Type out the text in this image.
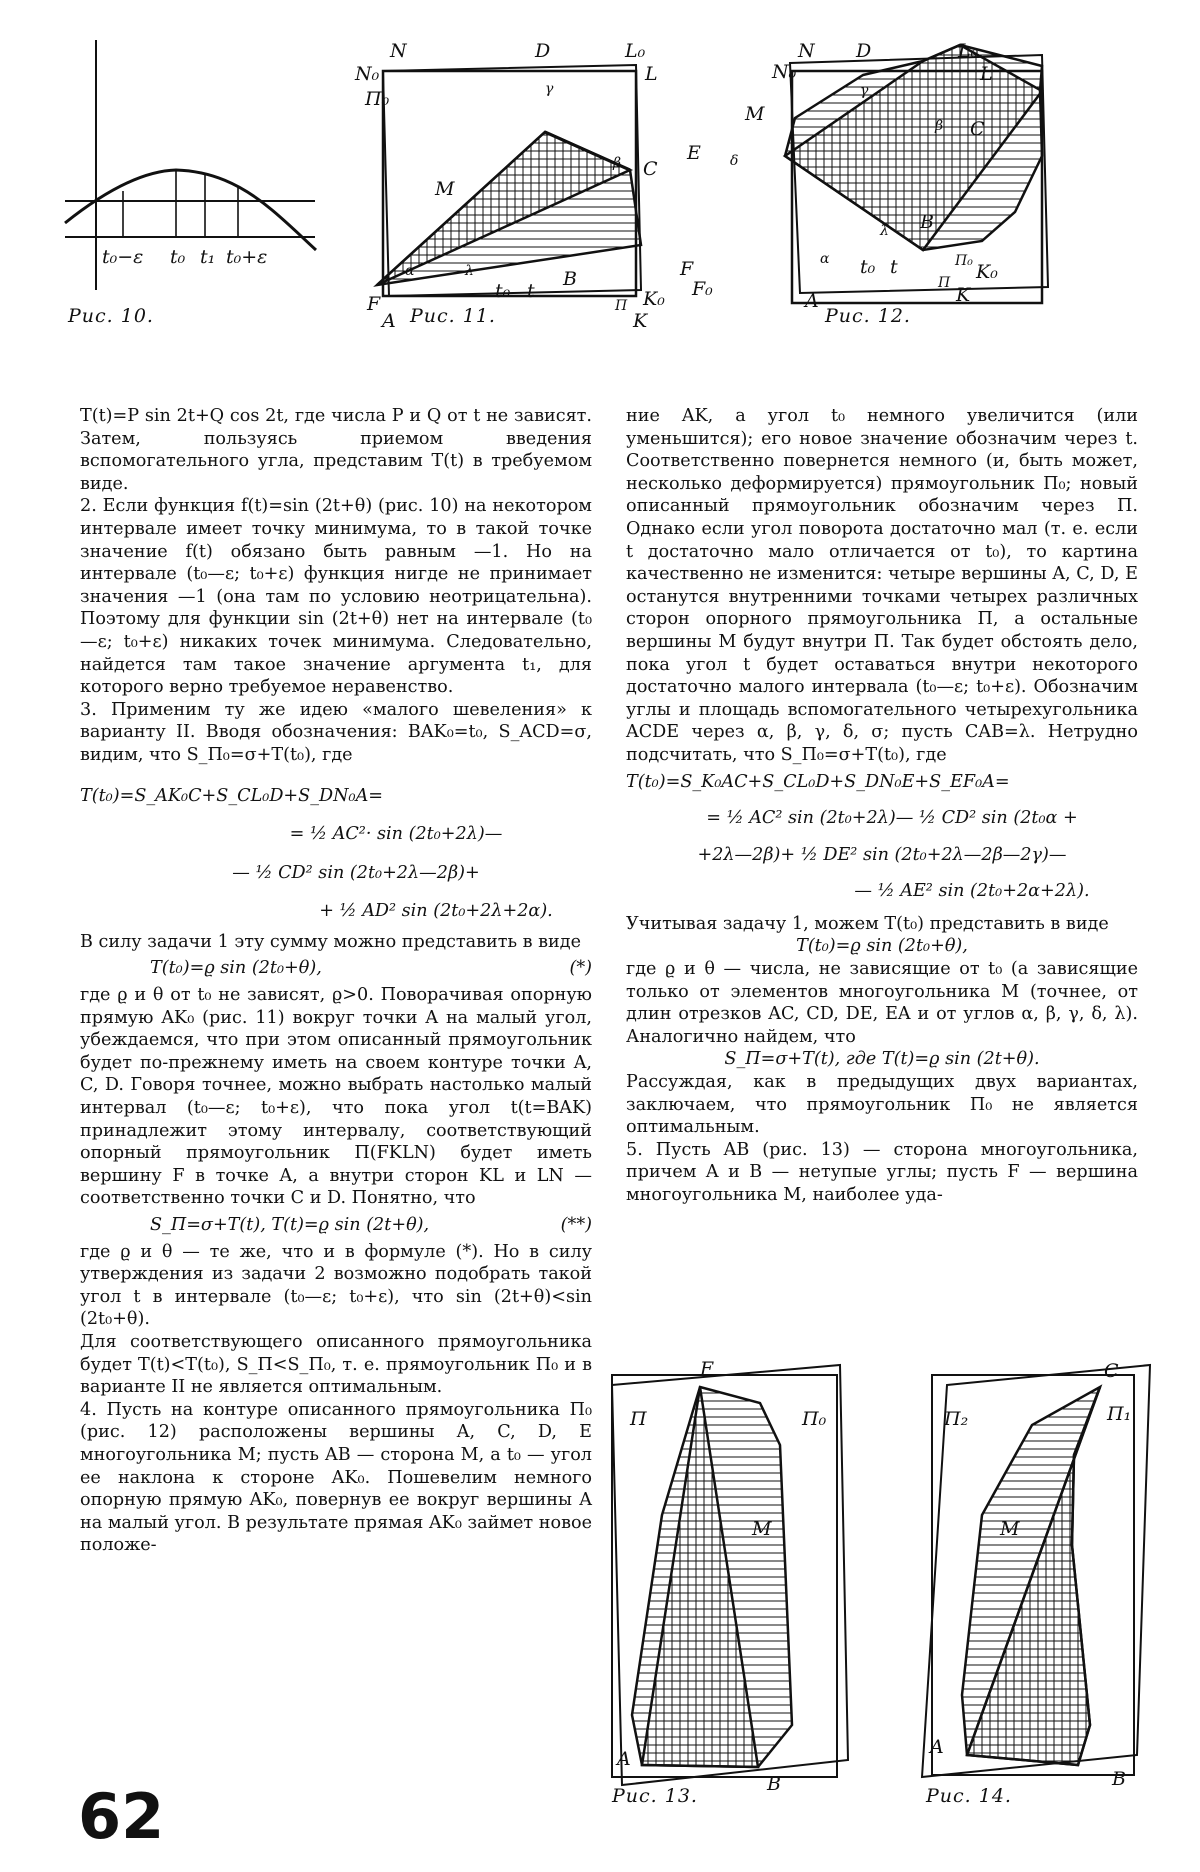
t₀−ε t₀ t₁ t₀+ε
Рис. 10.
N
N₀
Π₀
D	L₀
L
C
M
β
γ
α	λ	B
F
A
t₀ t
Π K₀
K
Рис. 11.
N
N₀
D	L₀
L
M
γ
β C
E δ
B
λ
α
F
F₀
A
t₀ t	Π₀ K₀
Π
K
Рис. 12.

T(t)=P sin 2t+Q cos 2t, где числа P и Q от t не зависят. Затем, пользуясь приемом введения вспомогательного угла, представим T(t) в требуемом виде.

2. Если функция f(t)=sin (2t+θ) (рис. 10) на некотором интервале имеет точку минимума, то в такой точке значение f(t) обязано быть равным —1. Но на интервале (t₀—ε; t₀+ε) функция нигде не принимает значения —1 (она там по условию неотрицательна). Поэтому для функции sin (2t+θ) нет на интервале (t₀—ε; t₀+ε) никаких точек минимума. Следовательно, найдется там такое значение аргумента t₁, для которого верно требуемое неравенство.

3. Применим ту же идею «малого шевеления» к варианту II. Вводя обозначения: BAK₀=t₀, S_ACD=σ, видим, что S_Π₀=σ+T(t₀), где

T(t₀)=S_AK₀C+S_CL₀D+S_DN₀A=

= ½ AC²· sin (2t₀+2λ)—

— ½ CD² sin (2t₀+2λ—2β)+

+ ½ AD² sin (2t₀+2λ+2α).

В силу задачи 1 эту сумму можно представить в виде

T(t₀)=ϱ sin (2t₀+θ),	(*)

где ϱ и θ от t₀ не зависят, ϱ>0. Поворачивая опорную прямую AK₀ (рис. 11) вокруг точки A на малый угол, убеждаемся, что при этом описанный прямоугольник будет по-прежнему иметь на своем контуре точки A, C, D. Говоря точнее, можно выбрать настолько малый интервал (t₀—ε; t₀+ε), что пока угол t(t=BAK) принадлежит этому интервалу, соответствующий опорный прямоугольник Π(FKLN) будет иметь вершину F в точке A, а внутри сторон KL и LN — соответственно точки C и D. Понятно, что

S_Π=σ+T(t), T(t)=ϱ sin (2t+θ),	(**)

где ϱ и θ — те же, что и в формуле (*). Но в силу утверждения из задачи 2 возможно подобрать такой угол t в интервале (t₀—ε; t₀+ε), что sin (2t+θ)<sin (2t₀+θ).

Для соответствующего описанного прямоугольника будет T(t)<T(t₀), S_Π<S_Π₀, т. е. прямоугольник Π₀ и в варианте II не является оптимальным.

4. Пусть на контуре описанного прямоугольника Π₀ (рис. 12) расположены вершины A, C, D, E многоугольника M; пусть AB — сторона M, а t₀ — угол ее наклона к стороне AK₀. Пошевелим немного опорную прямую AK₀, повернув ее вокруг вершины A на малый угол. В результате прямая AK₀ займет новое положе-

ние AK, а угол t₀ немного увеличится (или уменьшится); его новое значение обозначим через t. Соответственно повернется немного (и, быть может, несколько деформируется) прямоугольник Π₀; новый описанный прямоугольник обозначим через Π. Однако если угол поворота достаточно мал (т. е. если t достаточно мало отличается от t₀), то картина качественно не изменится: четыре вершины A, C, D, E останутся внутренними точками четырех различных сторон опорного прямоугольника Π, а остальные вершины M будут внутри Π. Так будет обстоять дело, пока угол t будет оставаться внутри некоторого достаточно малого интервала (t₀—ε; t₀+ε). Обозначим углы и площадь вспомогательного четырехугольника ACDE через α, β, γ, δ, σ; пусть CAB=λ. Нетрудно подсчитать, что S_Π₀=σ+T(t₀), где

T(t₀)=S_K₀AC+S_CL₀D+S_DN₀E+S_EF₀A=

= ½ AC² sin (2t₀+2λ)— ½ CD² sin (2t₀α +

+2λ—2β)+ ½ DE² sin (2t₀+2λ—2β—2γ)—

— ½ AE² sin (2t₀+2α+2λ).

Учитывая задачу 1, можем T(t₀) представить в виде

T(t₀)=ϱ sin (2t₀+θ),

где ϱ и θ — числа, не зависящие от t₀ (а зависящие только от элементов многоугольника M (точнее, от длин отрезков AC, CD, DE, EA и от углов α, β, γ, δ, λ). Аналогично найдем, что

S_Π=σ+T(t), где T(t)=ϱ sin (2t+θ).

Рассуждая, как в предыдущих двух вариантах, заключаем, что прямоугольник Π₀ не является оптимальным.

5. Пусть AB (рис. 13) — сторона многоугольника, причем A и B — нетупые углы; пусть F — вершина многоугольника M, наиболее уда-

F
Π	Π₀
M
A
B
Рис. 13.
C
Π₂	Π₁
M
A
B
Рис. 14.
62
